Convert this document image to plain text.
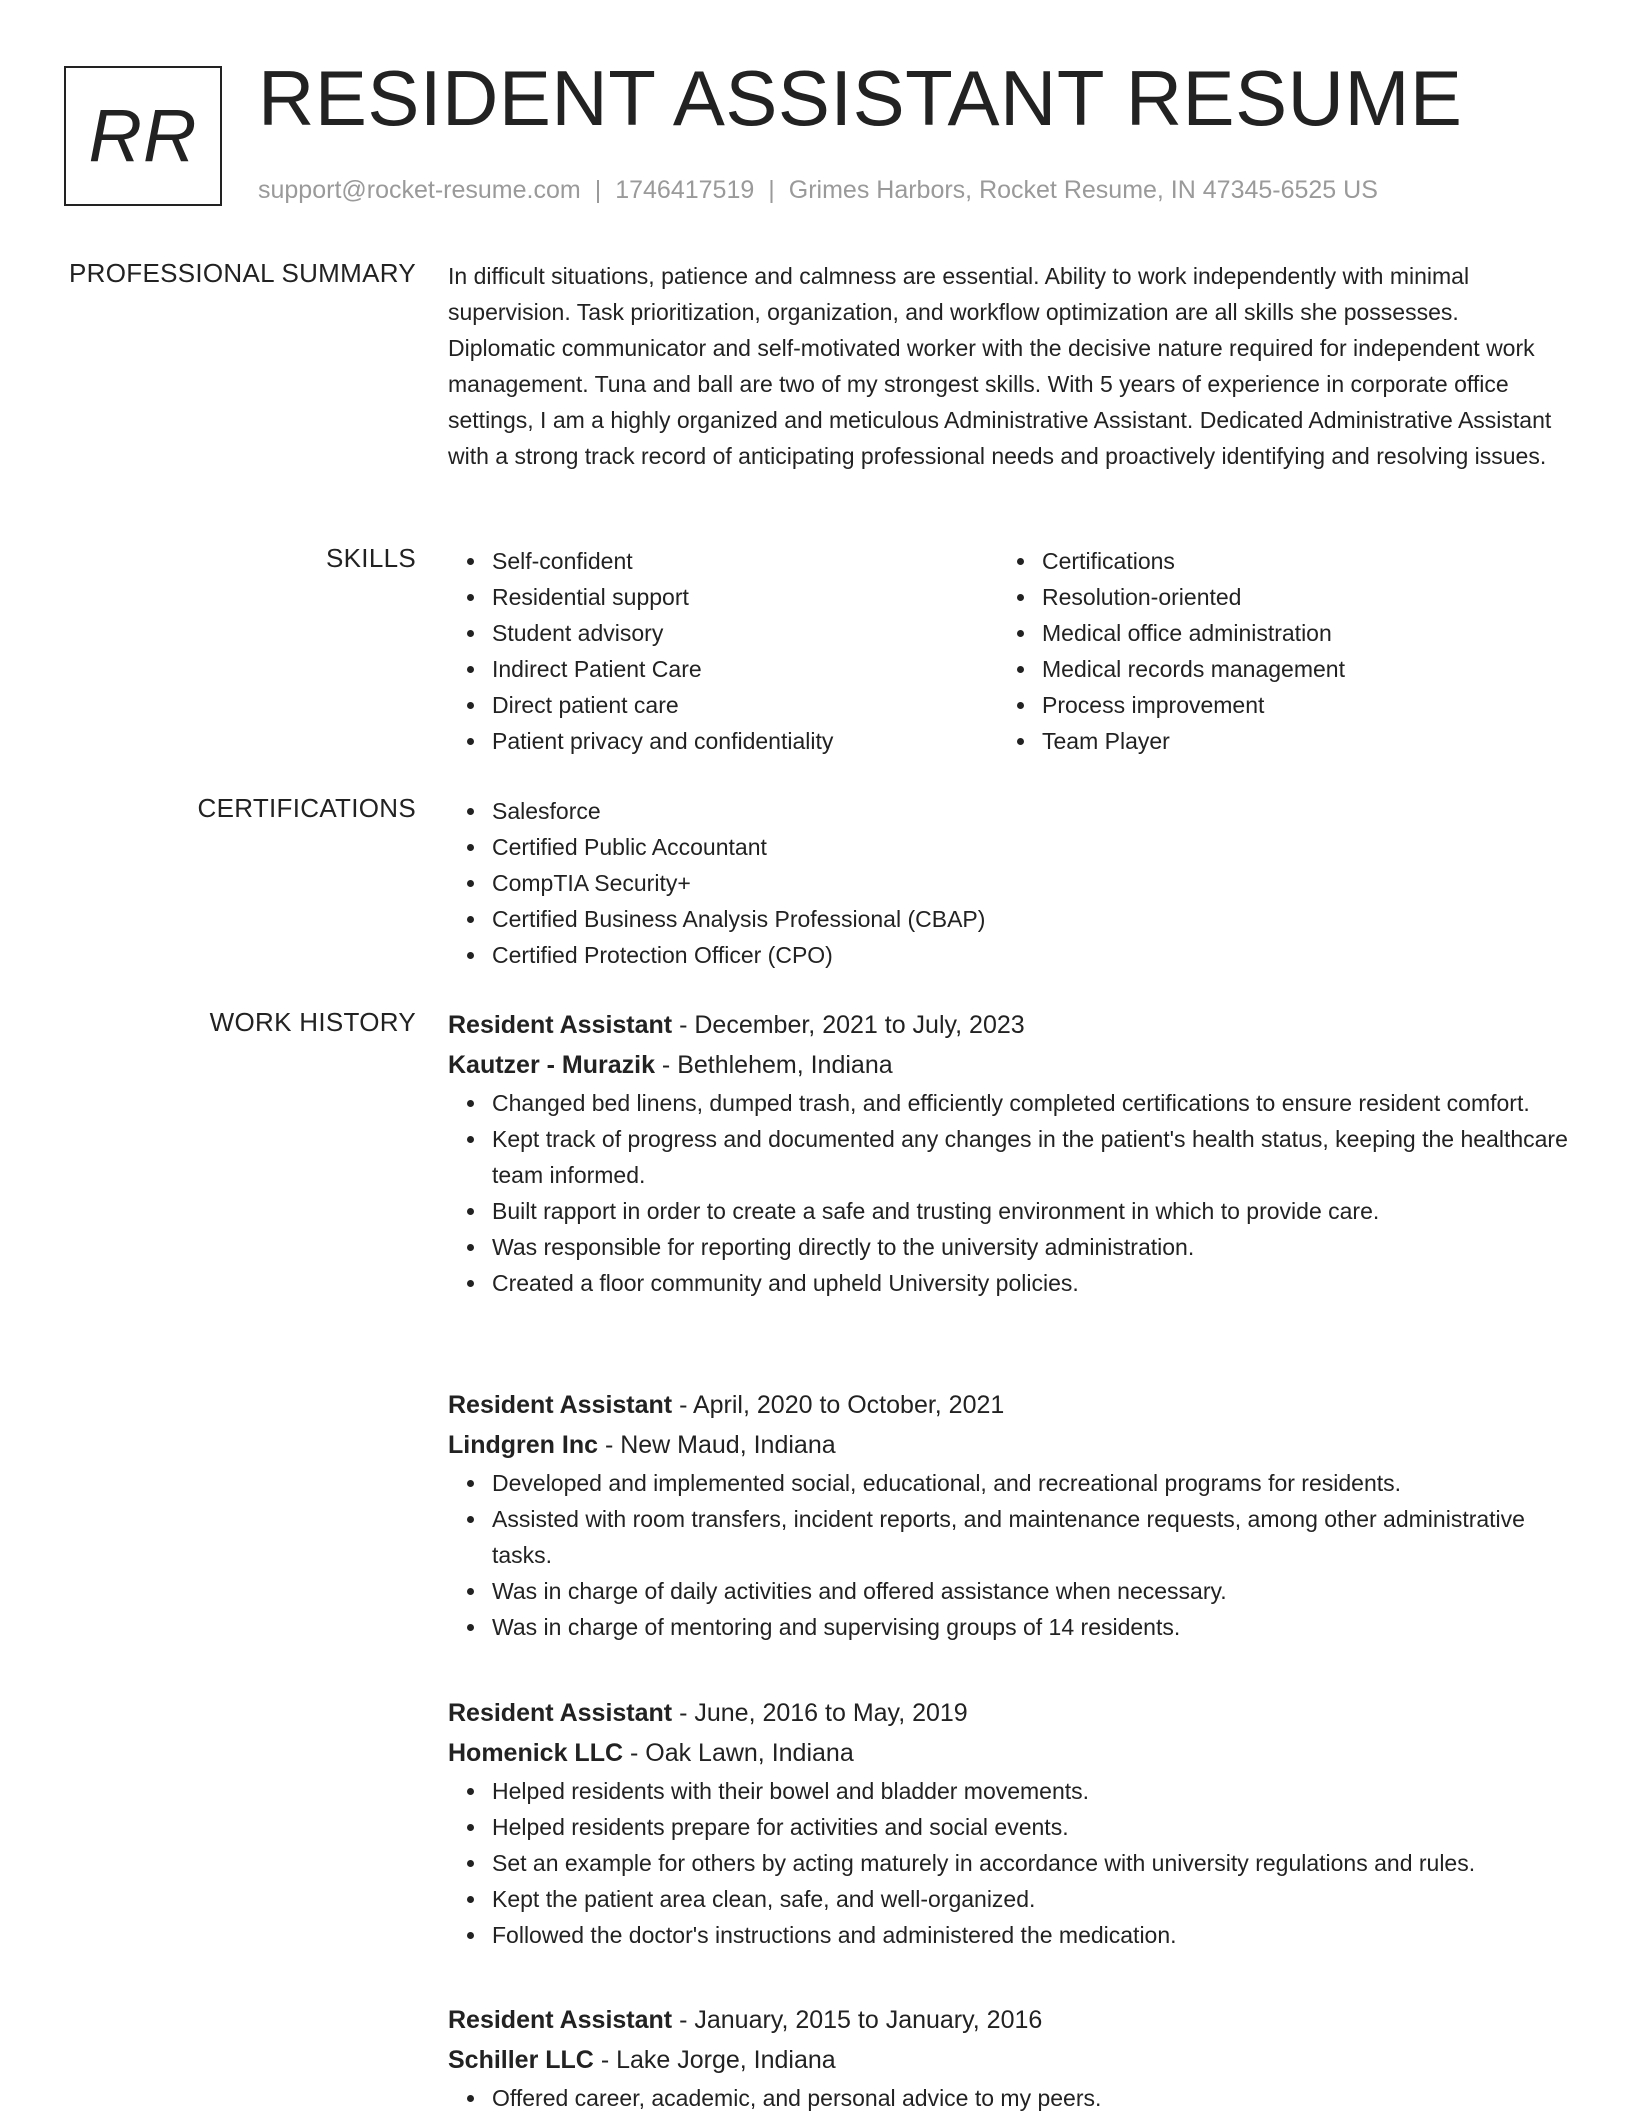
RR RESIDENT ASSISTANT RESUME
support@rocket-resume.com | 1746417519 | Grimes Harbors, Rocket Resume, IN 47345-6525 US
PROFESSIONAL SUMMARY In difficult situations, patience and calmness are essential. Ability to work independently with minimal supervision. Task prioritization, organization, and workflow optimization are all skills she possesses. Diplomatic communicator and self-motivated worker with the decisive nature required for independent work management. Tuna and ball are two of my strongest skills. With 5 years of experience in corporate office settings, I am a highly organized and meticulous Administrative Assistant. Dedicated Administrative Assistant with a strong track record of anticipating professional needs and proactively identifying and resolving issues.

SKILLS	Self-confident
Residential support
Student advisory
Indirect Patient Care
Direct patient care
Patient privacy and confidentiality
Certifications
Resolution-oriented
Medical office administration
Medical records management
Process improvement
Team Player
CERTIFICATIONS	Salesforce
Certified Public Accountant
CompTIA Security+
Certified Business Analysis Professional (CBAP)
Certified Protection Officer (CPO)
WORK HISTORY Resident Assistant - December, 2021 to July, 2023
Kautzer - Murazik - Bethlehem, Indiana
Changed bed linens, dumped trash, and efficiently completed certifications to ensure resident comfort.
Kept track of progress and documented any changes in the patient's health status, keeping the healthcare team informed.
Built rapport in order to create a safe and trusting environment in which to provide care.
Was responsible for reporting directly to the university administration.
Created a floor community and upheld University policies.
Resident Assistant - April, 2020 to October, 2021
Lindgren Inc - New Maud, Indiana
Developed and implemented social, educational, and recreational programs for residents.
Assisted with room transfers, incident reports, and maintenance requests, among other administrative tasks.
Was in charge of daily activities and offered assistance when necessary.
Was in charge of mentoring and supervising groups of 14 residents.
Resident Assistant - June, 2016 to May, 2019
Homenick LLC - Oak Lawn, Indiana
Helped residents with their bowel and bladder movements.
Helped residents prepare for activities and social events.
Set an example for others by acting maturely in accordance with university regulations and rules.
Kept the patient area clean, safe, and well-organized.
Followed the doctor's instructions and administered the medication.
Resident Assistant - January, 2015 to January, 2016
Schiller LLC - Lake Jorge, Indiana
Offered career, academic, and personal advice to my peers.
